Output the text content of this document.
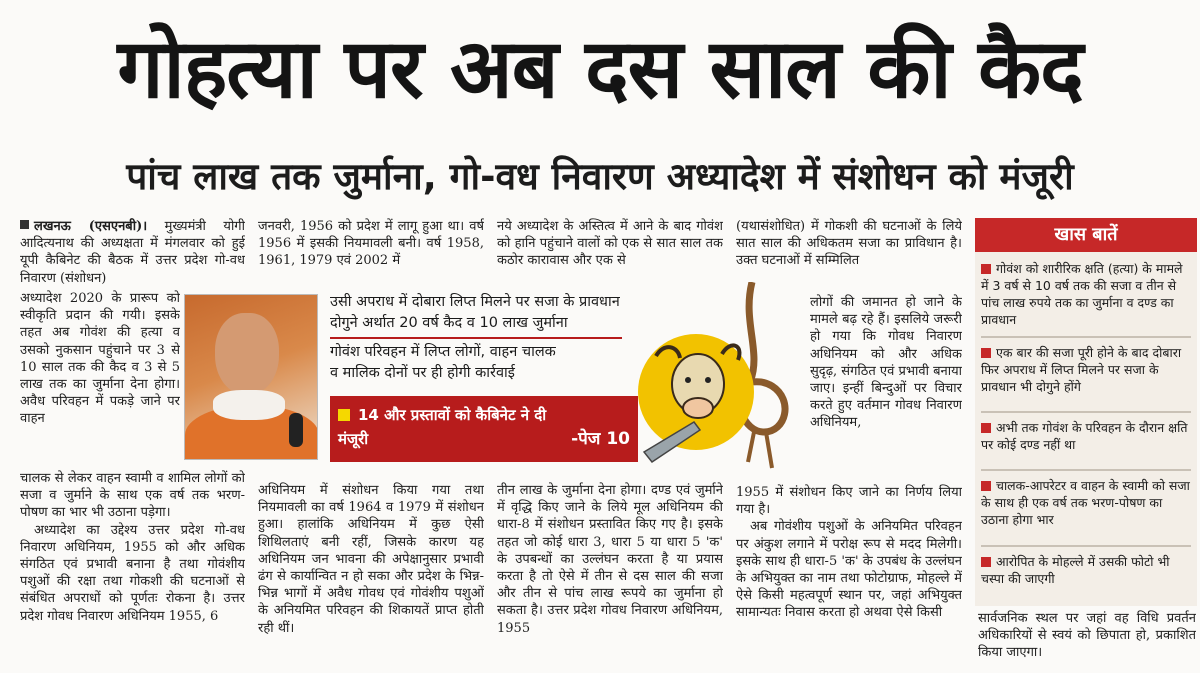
गोहत्या पर अब दस साल की कैद
पांच लाख तक जुर्माना, गो-वध निवारण अध्यादेश में संशोधन को मंजूरी

लखनऊ (एसएनबी)। मुख्यमंत्री योगी आदित्यनाथ की अध्यक्षता में मंगलवार को हुई यूपी कैबिनेट की बैठक में उत्तर प्रदेश गो-वध निवारण (संशोधन)

अध्यादेश 2020 के प्रारूप को स्वीकृति प्रदान की गयी। इसके तहत अब गोवंश की हत्या व उसको नुकसान पहुंचाने पर 3 से 10 साल तक की कैद व 3 से 5 लाख तक का जुर्माना देना होगा। अवैध परिवहन में पकड़े जाने पर वाहन

चालक से लेकर वाहन स्वामी व शामिल लोगों को सजा व जुर्माने के साथ एक वर्ष तक भरण-पोषण का भार भी उठाना पड़ेगा।

अध्यादेश का उद्देश्य उत्तर प्रदेश गो-वध निवारण अधिनियम, 1955 को और अधिक संगठित एवं प्रभावी बनाना है तथा गोवंशीय पशुओं की रक्षा तथा गोकशी की घटनाओं से संबंधित अपराधों को पूर्णतः रोकना है। उत्तर प्रदेश गोवध निवारण अधिनियम 1955, 6

जनवरी, 1956 को प्रदेश में लागू हुआ था। वर्ष 1956 में इसकी नियमावली बनी। वर्ष 1958, 1961, 1979 एवं 2002 में

अधिनियम में संशोधन किया गया तथा नियमावली का वर्ष 1964 व 1979 में संशोधन हुआ। हालांकि अधिनियम में कुछ ऐसी शिथिलताएं बनी रहीं, जिसके कारण यह अधिनियम जन भावना की अपेक्षानुसार प्रभावी ढंग से कार्यान्वित न हो सका और प्रदेश के भिन्न-भिन्न भागों में अवैध गोवध एवं गोवंशीय पशुओं के अनियमित परिवहन की शिकायतें प्राप्त होती रही थीं।

नये अध्यादेश के अस्तित्व में आने के बाद गोवंश को हानि पहुंचाने वालों को एक से सात साल तक कठोर कारावास और एक से

तीन लाख के जुर्माना देना होगा। दण्ड एवं जुर्माने में वृद्धि किए जाने के लिये मूल अधिनियम की धारा-8 में संशोधन प्रस्तावित किए गए है। इसके तहत जो कोई धारा 3, धारा 5 या धारा 5 'क' के उपबन्धों का उल्लंघन करता है या प्रयास करता है तो ऐसे में तीन से दस साल की सजा और तीन से पांच लाख रूपये का जुर्माना हो सकता है। उत्तर प्रदेश गोवध निवारण अधिनियम, 1955

(यथासंशोधित) में गोकशी की घटनाओं के लिये सात साल की अधिकतम सजा का प्राविधान है। उक्त घटनाओं में सम्मिलित

लोगों की जमानत हो जाने के मामले बढ़ रहे हैं। इसलिये जरूरी हो गया कि गोवध निवारण अधिनियम को और अधिक सुदृढ़, संगठित एवं प्रभावी बनाया जाए। इन्हीं बिन्दुओं पर विचार करते हुए वर्तमान गोवध निवारण अधिनियम,

1955 में संशोधन किए जाने का निर्णय लिया गया है।

अब गोवंशीय पशुओं के अनियमित परिवहन पर अंकुश लगाने में परोक्ष रूप से मदद मिलेगी। इसके साथ ही धारा-5 'क' के उपबंध के उल्लंघन के अभियुक्त का नाम तथा फोटोग्राफ, मोहल्ले में ऐसे किसी महत्वपूर्ण स्थान पर, जहां अभियुक्त सामान्यतः निवास करता हो अथवा ऐसे किसी	सार्वजनिक स्थल पर जहां वह विधि प्रवर्तन अधिकारियों से स्वयं को छिपाता हो, प्रकाशित किया जाएगा।

उसी अपराध में दोबारा लिप्त मिलने पर सजा के प्रावधान
दोगुने अर्थात 20 वर्ष कैद व 10 लाख जुर्माना
गोवंश परिवहन में लिप्त लोगों, वाहन चालक
व मालिक दोनों पर ही होगी कार्रवाई
14 और प्रस्तावों को कैबिनेट ने दी
मंजूरी	-पेज 10
खास बातें
गोवंश को शारीरिक क्षति (हत्या) के मामले में 3 वर्ष से 10 वर्ष तक की सजा व तीन से पांच लाख रुपये तक का जुर्माना व दण्ड का प्रावधान
एक बार की सजा पूरी होने के बाद दोबारा फिर अपराध में लिप्त मिलने पर सजा के प्रावधान भी दोगुने होंगे
अभी तक गोवंश के परिवहन के दौरान क्षति पर कोई दण्ड नहीं था
चालक-आपरेटर व वाहन के स्वामी को सजा के साथ ही एक वर्ष तक भरण-पोषण का उठाना होगा भार
आरोपित के मोहल्ले में उसकी फोटो भी चस्पा की जाएगी
